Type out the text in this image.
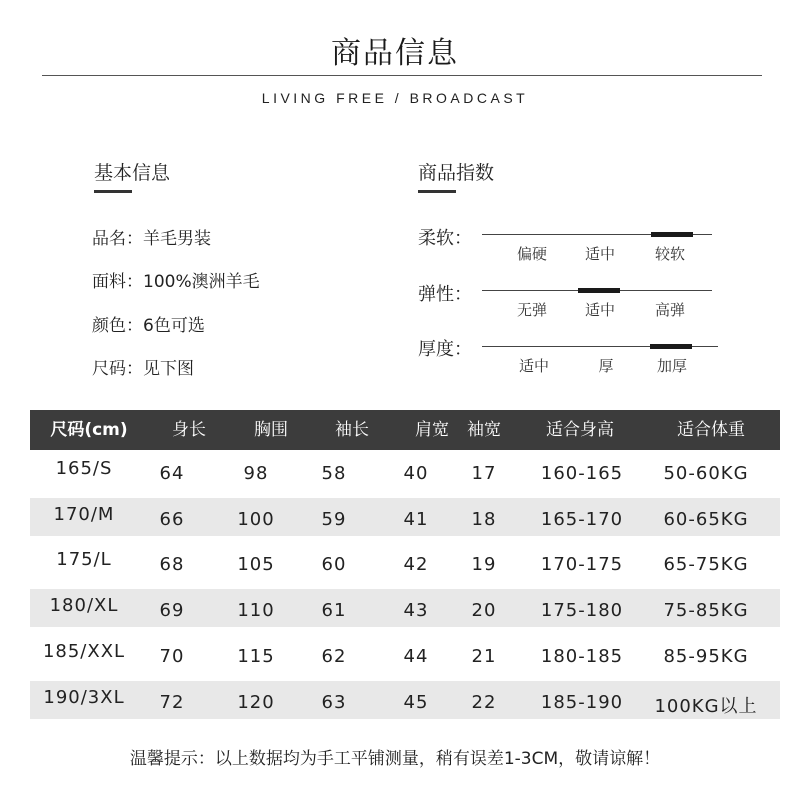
商品信息
LIVING FREE / BROADCAST
基本信息
品名：羊毛男装
面料：100%澳洲羊毛
颜色：6色可选
尺码：见下图
商品指数
柔软：
偏硬	适中	较软
弹性：
无弹	适中	高弹
厚度：
适中	厚	加厚
尺码(cm)	身长	胸围	袖长	肩宽	袖宽	适合身高	适合体重
165/S	64	98	58	40	17	160-165	50-60KG
170/M	66	100	59	41	18	165-170	60-65KG
175/L	68	105	60	42	19	170-175	65-75KG
180/XL	69	110	61	43	20	175-180	75-85KG
185/XXL	70	115	62	44	21	180-185	85-95KG
190/3XL	72	120	63	45	22	185-190	100KG以上
温馨提示：以上数据均为手工平铺测量，稍有误差1-3CM，敬请谅解！
